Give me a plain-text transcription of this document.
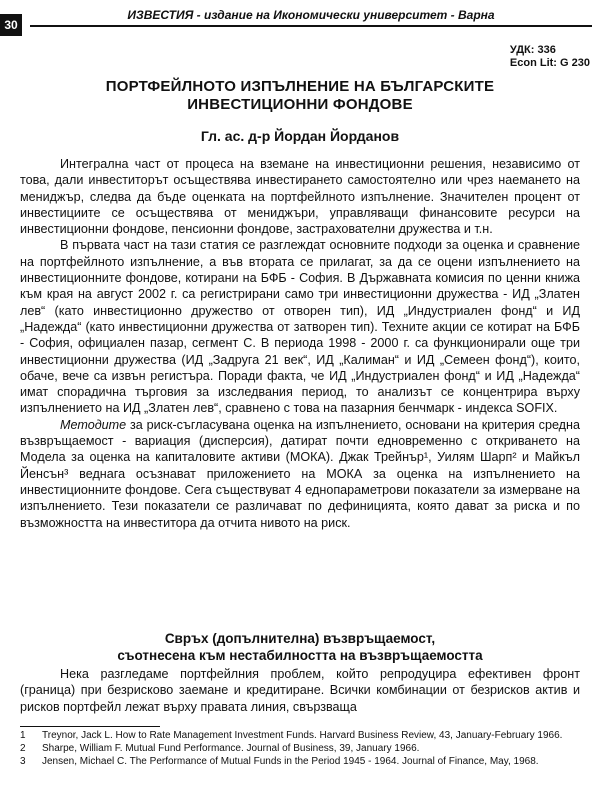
30
ИЗВЕСТИЯ - издание на Икономически университет - Варна
УДК: 336
Econ Lit: G 230
ПОРТФЕЙЛНОТО ИЗПЪЛНЕНИЕ НА БЪЛГАРСКИТЕ
ИНВЕСТИЦИОННИ ФОНДОВЕ
Гл. ас. д-р Йордан Йорданов

Интегрална част от процеса на вземане на инвестиционни решения, независимо от това, дали инвеститорът осъществява инвестирането самостоятелно или чрез наемането на мениджър, следва да бъде оценката на портфейлното изпълнение. Значителен процент от инвестициите се осъществява от мениджъри, управляващи финансовите ресурси на инвестиционни фондове, пенсионни фондове, застрахователни дружества и т.н.

В първата част на тази статия се разглеждат основните подходи за оценка и сравнение на портфейлното изпълнение, а във втората се прилагат, за да се оцени изпълнението на инвестиционните фондове, котирани на БФБ - София. В Държавната комисия по ценни книжа към края на август 2002 г. са регистрирани само три инвестиционни дружества - ИД „Златен лев“ (като инвестиционно дружество от отворен тип), ИД „Индустриален фонд“ и ИД „Надежда“ (като инвестиционни дружества от затворен тип). Техните акции се котират на БФБ - София, официален пазар, сегмент С. В периода 1998 - 2000 г. са функционирали още три инвестиционни дружества (ИД „Задруга 21 век“, ИД „Калиман“ и ИД „Семеен фонд“), които, обаче, вече са извън регистъра. Поради факта, че ИД „Индустриален фонд“ и ИД „Надежда“ имат спорадична търговия за изследвания период, то анализът се концентрира върху изпълнението на ИД „Златен лев“, сравнено с това на пазарния бенчмарк - индекса SOFIX.

Методите за риск-съгласувана оценка на изпълнението, основани на критерия средна възвръщаемост - вариация (дисперсия), датират почти едновременно с откриването на Модела за оценка на капиталовите активи (МОКА). Джак Трейнър¹, Уилям Шарп² и Майкъл Йенсън³ веднага осъзнават приложението на МОКА за оценка на изпълнението на инвестиционните фондове. Сега съществуват 4 еднопараметрови показатели за измерване на изпълнението. Тези показатели се различават по дефиницията, която дават за риска и по възможността на инвеститора да отчита нивото на риск.

Свръх (допълнителна) възвръщаемост,
съотнесена към нестабилността на възвръщаемостта

Нека разгледаме портфейлния проблем, който репродуцира ефективен фронт (граница) при безрисково заемане и кредитиране. Всички комбинации от безрисков актив и рисков портфейл лежат върху правата линия, свързваща

1	Treynor, Jack L. How to Rate Management Investment Funds. Harvard Business Review, 43, January-February 1966.
2	Sharpe, William F. Mutual Fund Performance. Journal of Business, 39, January 1966.
3	Jensen, Michael C. The Performance of Mutual Funds in the Period 1945 - 1964. Journal of Finance, May, 1968.
